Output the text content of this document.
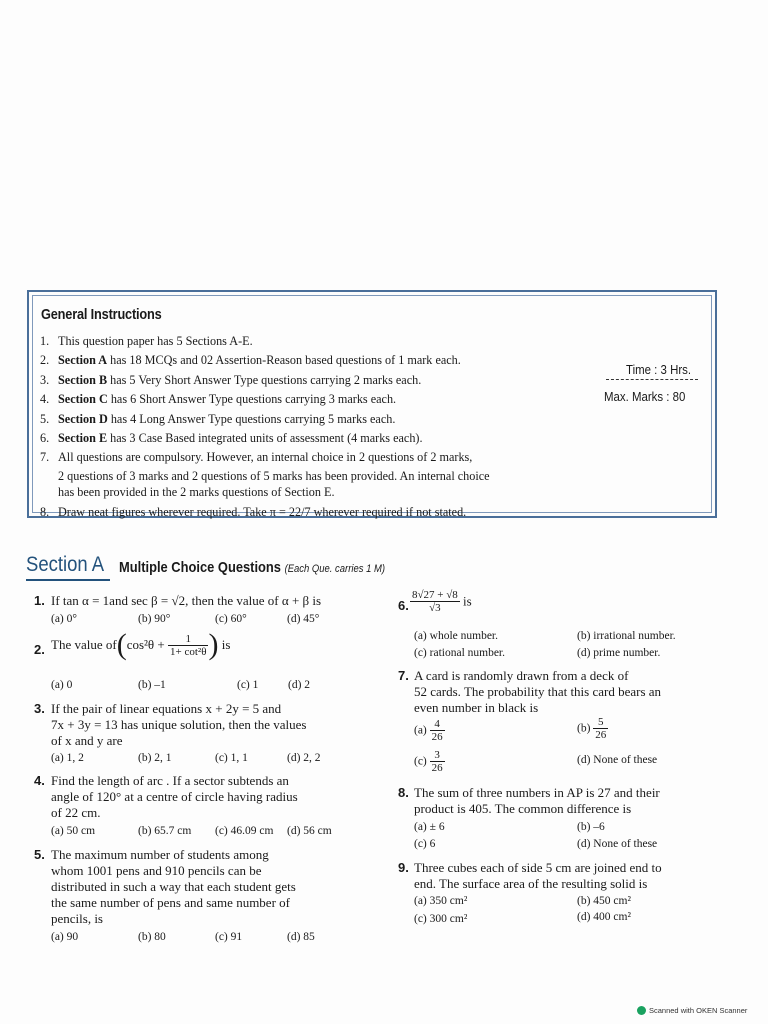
General Instructions
1. This question paper has 5 Sections A-E.
2. Section A has 18 MCQs and 02 Assertion-Reason based questions of 1 mark each.
3. Section B has 5 Very Short Answer Type questions carrying 2 marks each.
4. Section C has 6 Short Answer Type questions carrying 3 marks each.
5. Section D has 4 Long Answer Type questions carrying 5 marks each.
6. Section E has 3 Case Based integrated units of assessment (4 marks each).
7. All questions are compulsory. However, an internal choice in 2 questions of 2 marks,
2 questions of 3 marks and 2 questions of 5 marks has been provided. An internal choice
has been provided in the 2 marks questions of Section E.
8. Draw neat figures wherever required. Take π = 22/7 wherever required if not stated.
Time : 3 Hrs.
Max. Marks : 80
Section A Multiple Choice Questions (Each Que. carries 1 M)
1. If tan α = 1and sec β = √2, then the value of α + β is
(a) 0°	(b) 90°	(c) 60°	(d) 45°
2. The value $of(\cos^2\theta + \frac{1}{\text{1+ cot²θ}}$ ) is
(a) 0	(b) –1	(c) 1	(d) 2
3. If the pair of linear equations x + 2y = 5 and
7x + 3y = 13 has unique solution, then the values
of x and y are
(a) 1, 2	(b) 2, 1	(c) 1, 1	(d) 2, 2
4. Find the length of arc . If a sector subtends an
angle of 120° at a centre of circle having radius
of 22 cm.
(a) 50 cm	(b) 65.7 cm (c) 46.09 cm (d) 56 cm
5. The maximum number of students among
whom 1001 pens and 910 pencils can be
distributed in such a way that each student gets
the same number of pens and same number of
pencils, is
(a) 90	(b) 80	(c) 91	(d) 85
6. $\frac{8√27 + √8}{√3}$ is
(a) whole number.	(b) irrational number.
(c) rational number.	(d) prime number.
7. A card is randomly drawn from a deck of
52 cards. The probability that this card bears an
even number in black is
$(a) \frac{4}{26}$	$(b) \frac{5}{26}$
$(c) \frac{3}{26}$	(d) None of these
8. The sum of three numbers in AP is 27 and their
product is 405. The common difference is
(a) ± 6	(b) –6
(c) 6	(d) None of these
9. Three cubes each of side 5 cm are joined end to
end. The surface area of the resulting solid is
(a) 350 cm²	(b) 450 cm²
(c) 300 cm²	(d) 400 cm²
Scanned with OKEN Scanner
